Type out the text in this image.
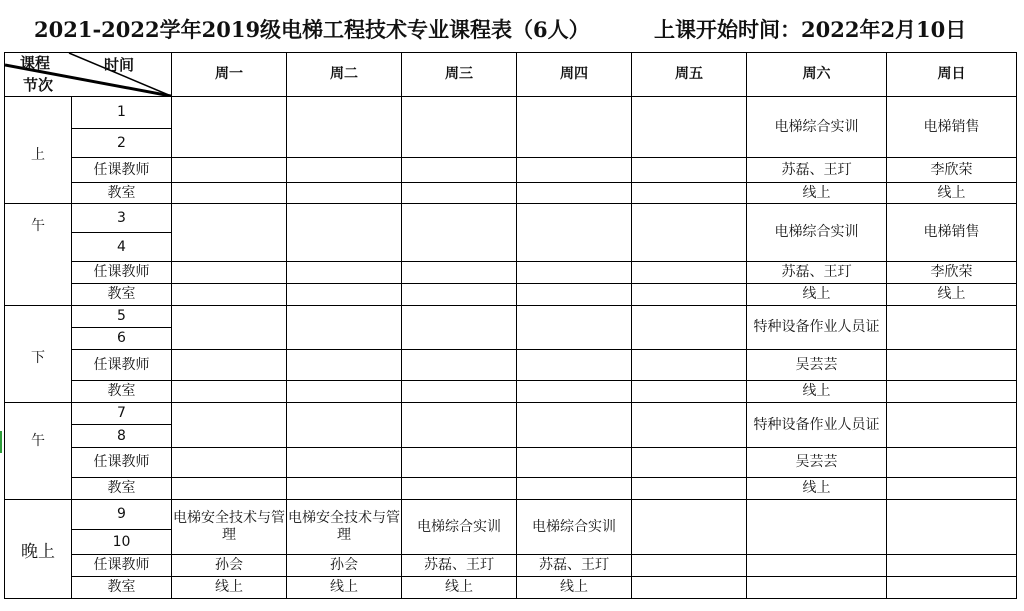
2021-2022学年2019级电梯工程技术专业课程表（6人）	上课开始时间：2022年2月10日
课程
节次
时间		周一	周二	周三	周四	周五	周六	周日
上	1						电梯综合实训	电梯销售
	2							
	任课教师						苏磊、王玎	李欣荣
	教室						线上	线上
午	3						电梯综合实训	电梯销售
	4							
	任课教师						苏磊、王玎	李欣荣
	教室						线上	线上
下	5						特种设备作业人员证	
	6							
	任课教师						吴芸芸	
	教室						线上	
午	7						特种设备作业人员证	
	8							
	任课教师						吴芸芸	
	教室						线上	
晚上	9	电梯安全技术与管理	电梯安全技术与管理	电梯综合实训	电梯综合实训			
	10							
	任课教师	孙会	孙会	苏磊、王玎	苏磊、王玎			
	教室	线上	线上	线上	线上			
